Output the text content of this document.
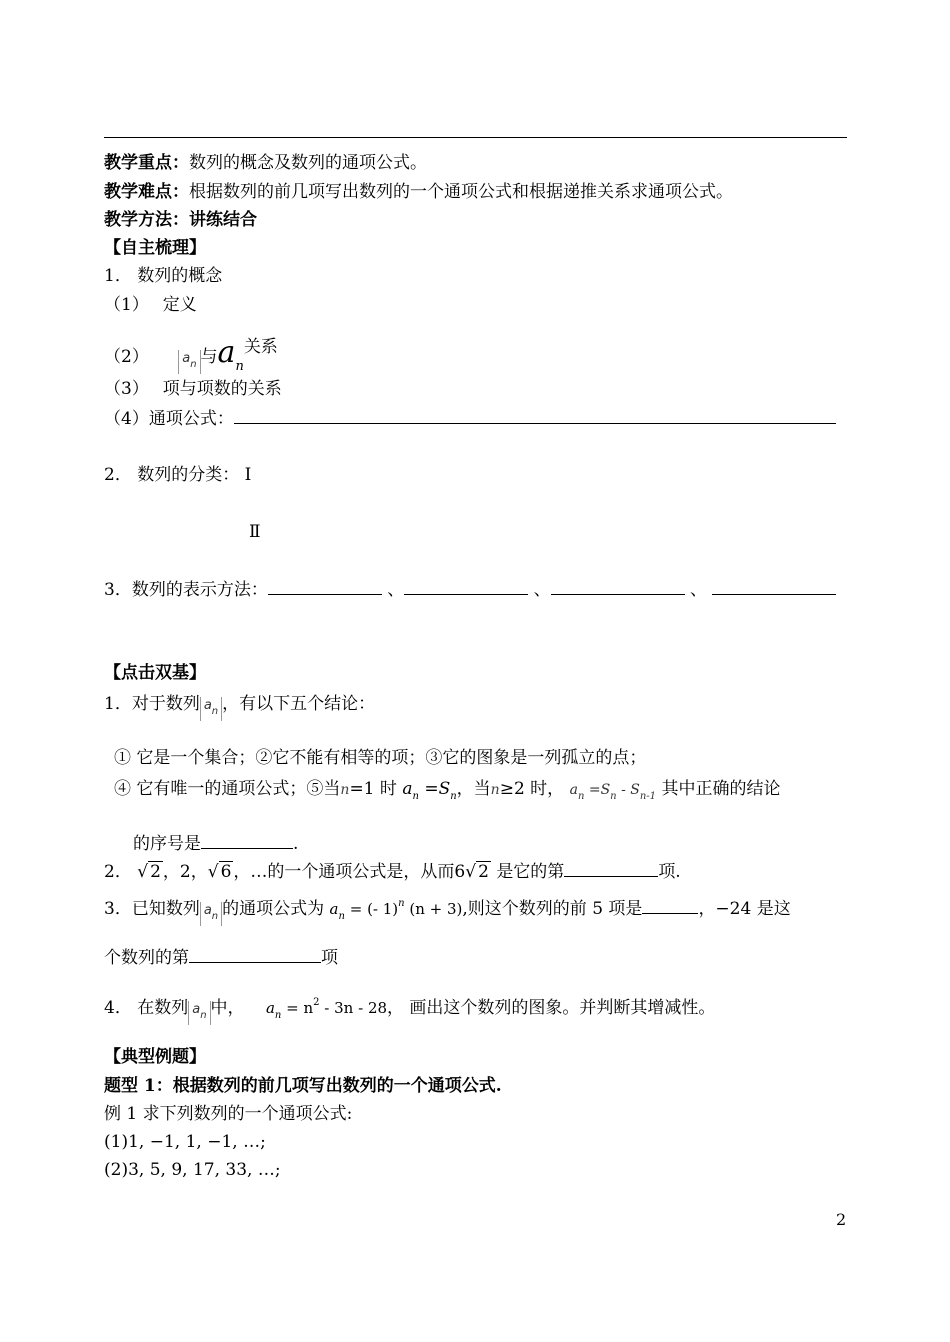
教学重点：数列的概念及数列的通项公式。
教学难点：根据数列的前几项写出数列的一个通项公式和根据递推关系求通项公式。
教学方法：讲练结合
【自主梳理】
1． 数列的概念
（1）　 定义
（2）	$a_n$ 与$a_n$关系
（3）　 项与项数的关系
（4）通项公式：
2． 数列的分类： Ⅰ
Ⅱ
3．数列的表示方法：	、	、	、
【点击双基】
1．对于数列 $a_n$ ，有以下五个结论：
① 它是一个集合；②它不能有相等的项；③它的图象是一列孤立的点；
④ 它有唯一的通项公式；⑤当n=1 时 $a_n =S_n$，当n≥2 时， $a_n =S_n - S_{n-1}$ 其中正确的结论
的序号是	.
2． √ 2 ，2，√ 6 ，…的一个通项公式是，从而6√ 2 是它的第	项.
3．已知数列 $a_n$ 的通项公式为 $a_n$ = (- 1)$^n$ (n + 3),则这个数列的前 5 项是	，−24 是这
个数列的第	项
4． 在数列 $a_n$ 中， $a_n = n^2 - 3n - 28$， 画出这个数列的图象。并判断其增减性。
【典型例题】
题型 1：根据数列的前几项写出数列的一个通项公式.
例 1 求下列数列的一个通项公式:
(1)1, −1, 1, −1, …;
(2)3, 5, 9, 17, 33, …;
2
